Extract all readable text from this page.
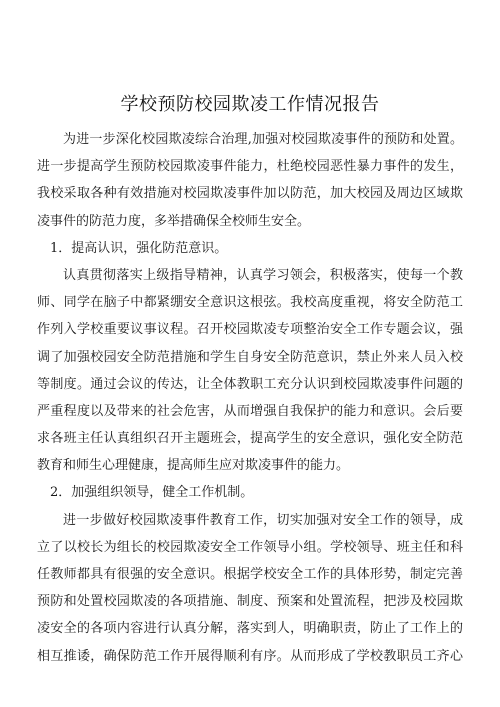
学校预防校园欺凌工作情况报告
为进一步深化校园欺凌综合治理,加强对校园欺凌事件的预防和处置。
进一步提高学生预防校园欺凌事件能力，杜绝校园恶性暴力事件的发生，
我校采取各种有效措施对校园欺凌事件加以防范，加大校园及周边区域欺
凌事件的防范力度，多举措确保全校师生安全。
1．提高认识，强化防范意识。
认真贯彻落实上级指导精神，认真学习领会，积极落实，使每一个教
师、同学在脑子中都紧绷安全意识这根弦。我校高度重视，将安全防范工
作列入学校重要议事议程。召开校园欺凌专项整治安全工作专题会议，强
调了加强校园安全防范措施和学生自身安全防范意识，禁止外来人员入校
等制度。通过会议的传达，让全体教职工充分认识到校园欺凌事件问题的
严重程度以及带来的社会危害，从而增强自我保护的能力和意识。会后要
求各班主任认真组织召开主题班会，提高学生的安全意识，强化安全防范
教育和师生心理健康，提高师生应对欺凌事件的能力。
2．加强组织领导，健全工作机制。
进一步做好校园欺凌事件教育工作，切实加强对安全工作的领导，成
立了以校长为组长的校园欺凌安全工作领导小组。学校领导、班主任和科
任教师都具有很强的安全意识。根据学校安全工作的具体形势，制定完善
预防和处置校园欺凌的各项措施、制度、预案和处置流程，把涉及校园欺
凌安全的各项内容进行认真分解，落实到人，明确职责，防止了工作上的
相互推诿，确保防范工作开展得顺利有序。从而形成了学校教职员工齐心
